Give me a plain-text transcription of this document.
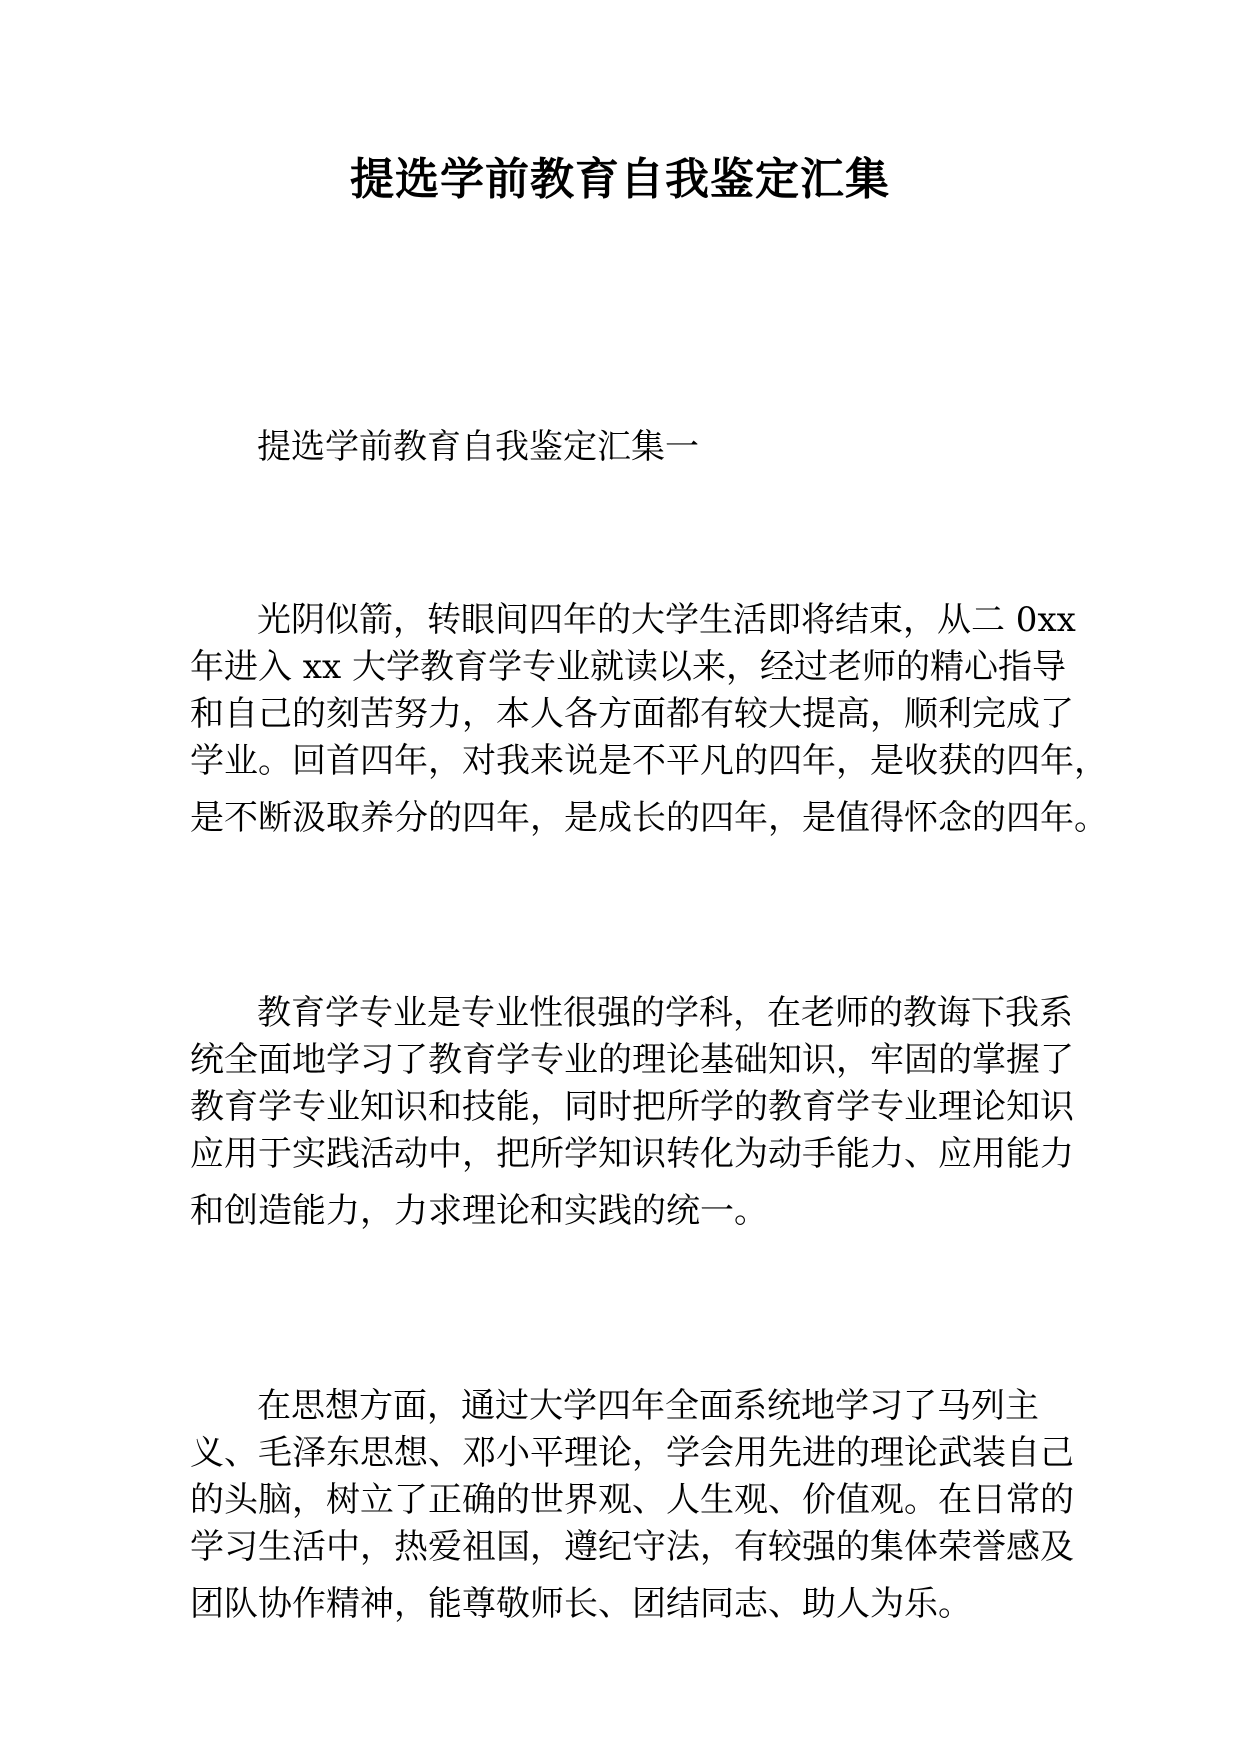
提选学前教育自我鉴定汇集
提选学前教育自我鉴定汇集一
光阴似箭，转眼间四年的大学生活即将结束，从二 0xx
年进入 xx 大学教育学专业就读以来，经过老师的精心指导
和自己的刻苦努力，本人各方面都有较大提高，顺利完成了
学业。回首四年，对我来说是不平凡的四年，是收获的四年，
是不断汲取养分的四年，是成长的四年，是值得怀念的四年。
教育学专业是专业性很强的学科，在老师的教诲下我系
统全面地学习了教育学专业的理论基础知识，牢固的掌握了
教育学专业知识和技能，同时把所学的教育学专业理论知识
应用于实践活动中，把所学知识转化为动手能力、应用能力
和创造能力，力求理论和实践的统一。
在思想方面，通过大学四年全面系统地学习了马列主
义、毛泽东思想、邓小平理论，学会用先进的理论武装自己
的头脑，树立了正确的世界观、人生观、价值观。在日常的
学习生活中，热爱祖国，遵纪守法，有较强的集体荣誉感及
团队协作精神，能尊敬师长、团结同志、助人为乐。
